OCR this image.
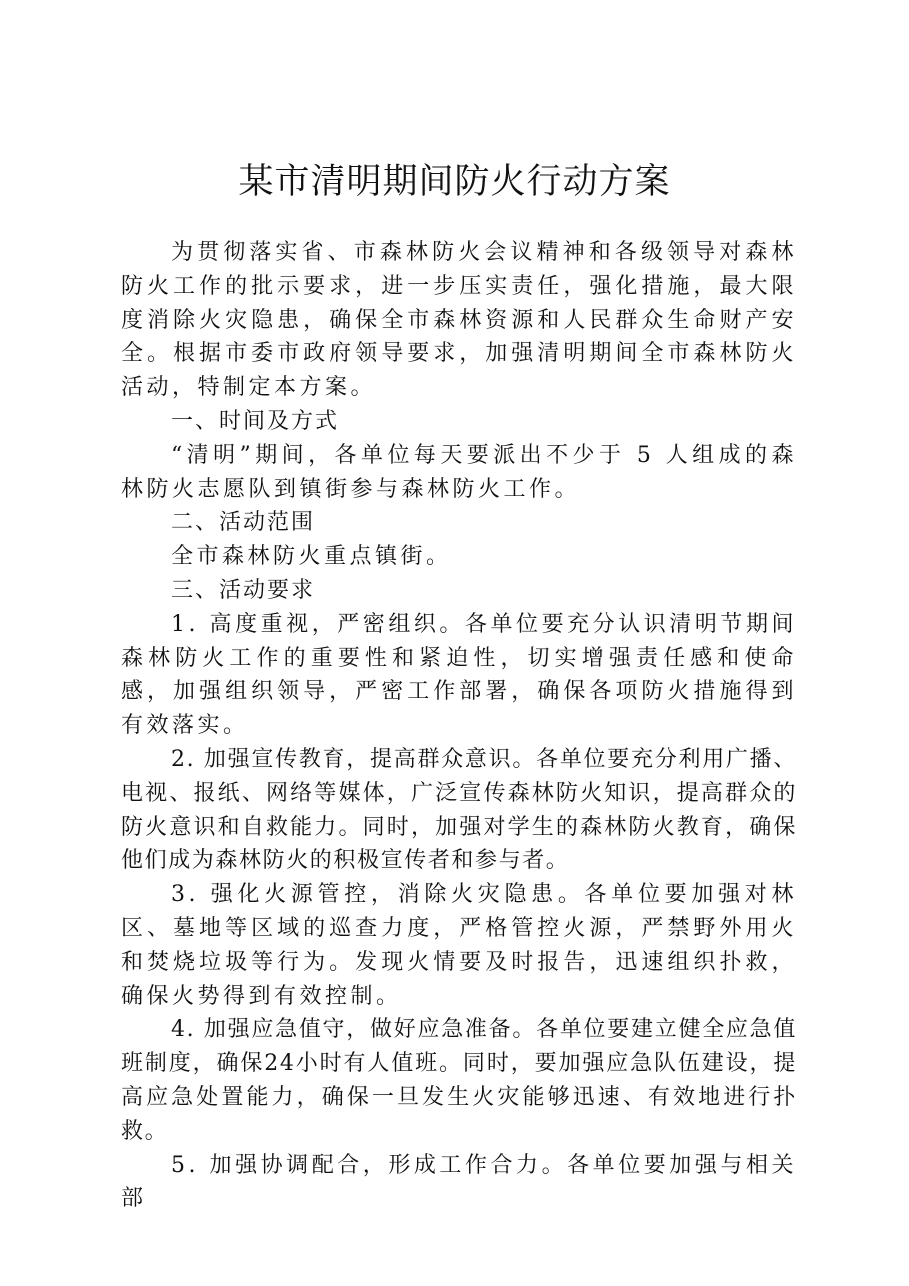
某市清明期间防火行动方案

为贯彻落实省、市森林防火会议精神和各级领导对森林防火工作的批示要求，进一步压实责任，强化措施，最大限度消除火灾隐患，确保全市森林资源和人民群众生命财产安全。根据市委市政府领导要求，加强清明期间全市森林防火活动，特制定本方案。

一、时间及方式

“清明”期间，各单位每天要派出不少于 5 人组成的森林防火志愿队到镇街参与森林防火工作。

二、活动范围

全市森林防火重点镇街。

三、活动要求

1. 高度重视，严密组织。各单位要充分认识清明节期间森林防火工作的重要性和紧迫性，切实增强责任感和使命感，加强组织领导，严密工作部署，确保各项防火措施得到有效落实。

2. 加强宣传教育，提高群众意识。各单位要充分利用广播、电视、报纸、网络等媒体，广泛宣传森林防火知识，提高群众的防火意识和自救能力。同时，加强对学生的森林防火教育，确保他们成为森林防火的积极宣传者和参与者。

3. 强化火源管控，消除火灾隐患。各单位要加强对林区、墓地等区域的巡查力度，严格管控火源，严禁野外用火和焚烧垃圾等行为。发现火情要及时报告，迅速组织扑救，确保火势得到有效控制。

4. 加强应急值守，做好应急准备。各单位要建立健全应急值班制度，确保24小时有人值班。同时，要加强应急队伍建设，提高应急处置能力，确保一旦发生火灾能够迅速、有效地进行扑救。

5. 加强协调配合，形成工作合力。各单位要加强与相关部
